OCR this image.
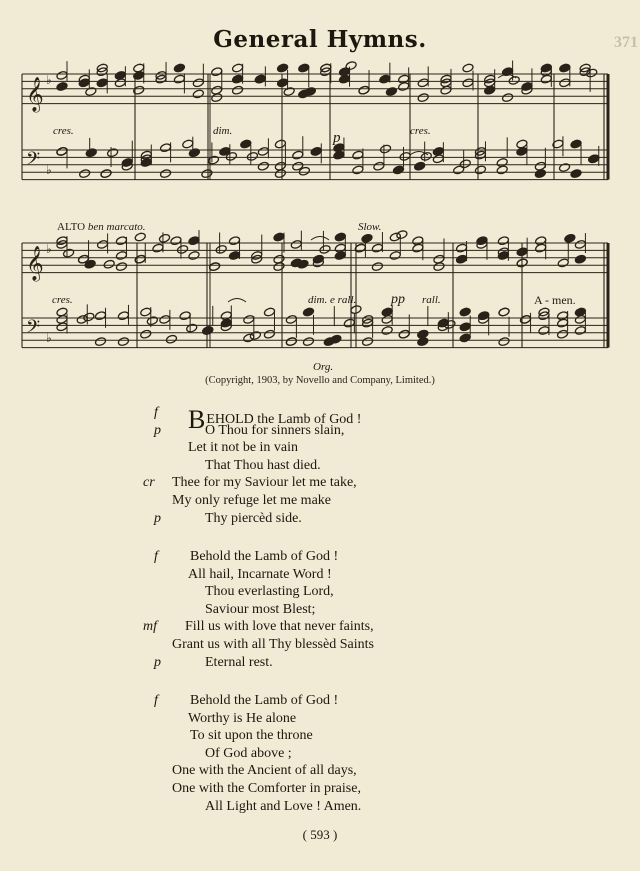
General Hymns.	371
𝄞 ♭
𝄢 ♭
𝄞 ♭
𝄢 ♭
cres.	dim.	p	cres.
ALTO ben marcato.	Slow.
cres.	dim. e rall. pp rall.	A - men.
Org.
(Copyright, 1903, by Novello and Company, Limited.)
f BEHOLD the Lamb of God !
p	O Thou for sinners slain,
Let it not be in vain
That Thou hast died.
cr Thee for my Saviour let me take,
My only refuge let me make
p	Thy piercèd side.
f Behold the Lamb of God !
All hail, Incarnate Word !
Thou everlasting Lord,
Saviour most Blest;
mf Fill us with love that never faints,
Grant us with all Thy blessèd Saints
p	Eternal rest.
f Behold the Lamb of God !
Worthy is He alone
To sit upon the throne
Of God above ;
One with the Ancient of all days,
One with the Comforter in praise,
All Light and Love ! Amen.
( 593 )
